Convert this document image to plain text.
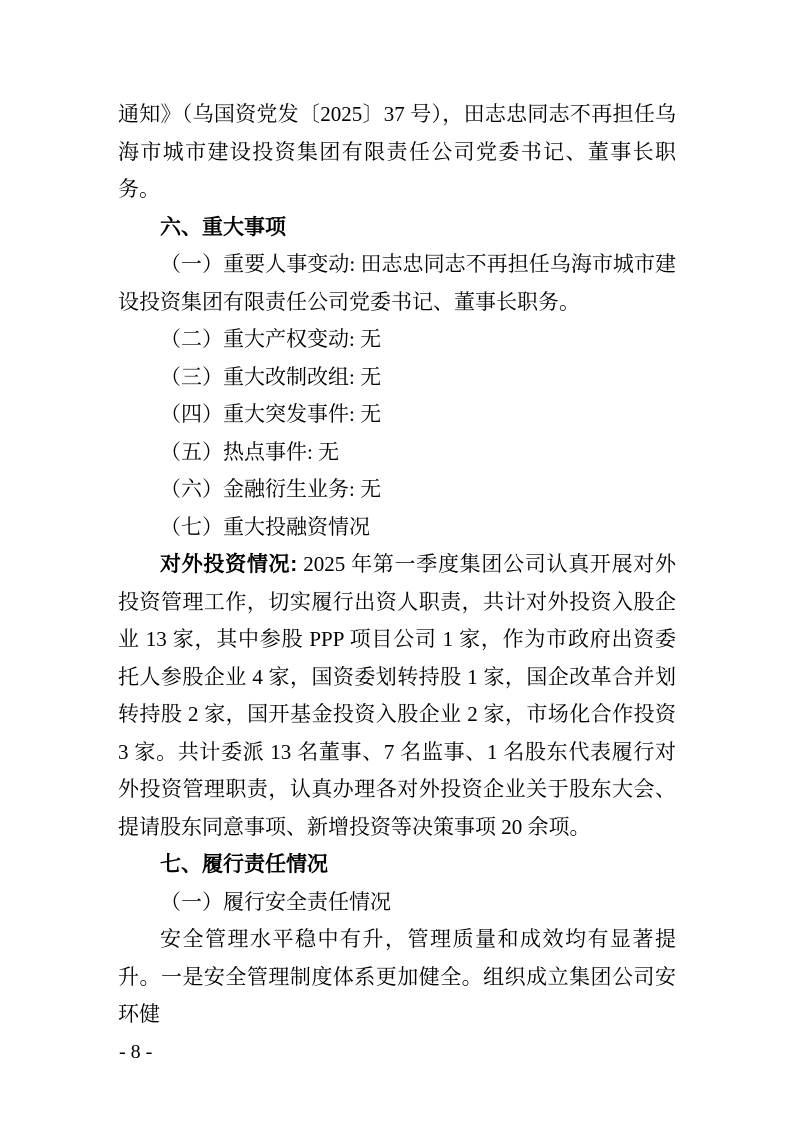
通知》（乌国资党发〔2025〕37 号），田志忠同志不再担任乌海市城市建设投资集团有限责任公司党委书记、董事长职务。

六、重大事项

（一）重要人事变动: 田志忠同志不再担任乌海市城市建设投资集团有限责任公司党委书记、董事长职务。

（二）重大产权变动: 无

（三）重大改制改组: 无

（四）重大突发事件: 无

（五）热点事件: 无

（六）金融衍生业务: 无

（七）重大投融资情况

对外投资情况: 2025 年第一季度集团公司认真开展对外投资管理工作，切实履行出资人职责，共计对外投资入股企业 13 家，其中参股 PPP 项目公司 1 家，作为市政府出资委托人参股企业 4 家，国资委划转持股 1 家，国企改革合并划转持股 2 家，国开基金投资入股企业 2 家，市场化合作投资 3 家。共计委派 13 名董事、7 名监事、1 名股东代表履行对外投资管理职责，认真办理各对外投资企业关于股东大会、提请股东同意事项、新增投资等决策事项 20 余项。

七、履行责任情况

（一）履行安全责任情况

安全管理水平稳中有升，管理质量和成效均有显著提升。一是安全管理制度体系更加健全。组织成立集团公司安环健

- 8 -
